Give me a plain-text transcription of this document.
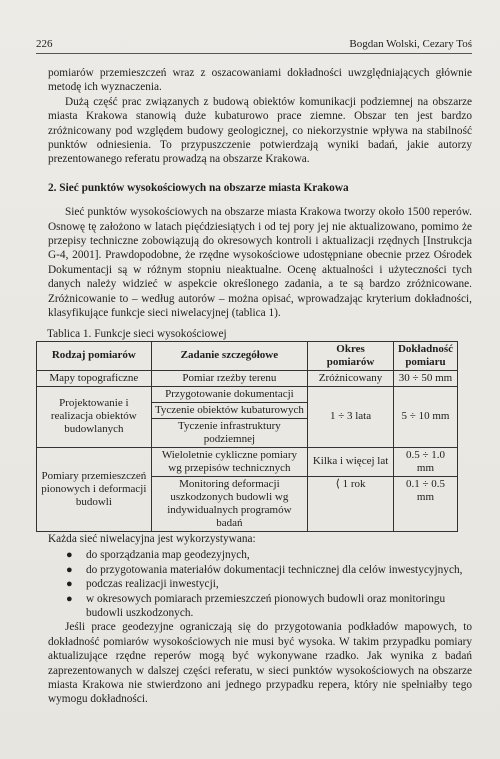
226	Bogdan Wolski, Cezary Toś

pomiarów przemieszczeń wraz z oszacowaniami dokładności uwzględniających głównie metodę ich wyznaczenia.

Dużą część prac związanych z budową obiektów komunikacji podziemnej na obszarze miasta Krakowa stanowią duże kubaturowo prace ziemne. Obszar ten jest bardzo zróżnicowany pod względem budowy geologicznej, co niekorzystnie wpływa na stabilność punktów odniesienia. To przypuszczenie potwierdzają wyniki badań, jakie autorzy prezentowanego referatu prowadzą na obszarze Krakowa.

2. Sieć punktów wysokościowych na obszarze miasta Krakowa

Sieć punktów wysokościowych na obszarze miasta Krakowa tworzy około 1500 reperów. Osnowę tę założono w latach pięćdziesiątych i od tej pory jej nie aktualizowano, pomimo że przepisy techniczne zobowiązują do okresowych kontroli i aktualizacji rzędnych [Instrukcja G-4, 2001]. Prawdopodobne, że rzędne wysokościowe udostępniane obecnie przez Ośrodek Dokumentacji są w różnym stopniu nieaktualne. Ocenę aktualności i użyteczności tych danych należy widzieć w aspekcie określonego zadania, a te są bardzo zróżnicowane. Zróżnicowanie to – według autorów – można opisać, wprowadzając kryterium dokładności, klasyfikujące funkcje sieci niwelacyjnej (tablica 1).

Tablica 1. Funkcje sieci wysokościowej
Rodzaj pomiarów	Zadanie szczegółowe	Okres pomiarów	Dokładność pomiaru
Mapy topograficzne	Pomiar rzeźby terenu	Zróżnicowany	30 ÷ 50 mm
Projektowanie i realizacja obiektów budowlanych	Przygotowanie dokumentacji	1 ÷ 3 lata	5 ÷ 10 mm
	Tyczenie obiektów kubaturowych		
	Tyczenie infrastruktury podziemnej		
Pomiary przemieszczeń pionowych i deformacji budowli	Wieloletnie cykliczne pomiary wg przepisów technicznych	Kilka i więcej lat	0.5 ÷ 1.0 mm
	Monitoring deformacji uszkodzonych budowli wg indywidualnych programów badań	⟨ 1 rok	0.1 ÷ 0.5 mm

Każda sieć niwelacyjna jest wykorzystywana:

● do sporządzania map geodezyjnych,
● do przygotowania materiałów dokumentacji technicznej dla celów inwestycyjnych,
● podczas realizacji inwestycji,
● w okresowych pomiarach przemieszczeń pionowych budowli oraz monitoringu budowli uszkodzonych.

Jeśli prace geodezyjne ograniczają się do przygotowania podkładów mapowych, to dokładność pomiarów wysokościowych nie musi być wysoka. W takim przypadku pomiary aktualizujące rzędne reperów mogą być wykonywane rzadko. Jak wynika z badań zaprezentowanych w dalszej części referatu, w sieci punktów wysokościowych na obszarze miasta Krakowa nie stwierdzono ani jednego przypadku repera, który nie spełniałby tego wymogu dokładności.
